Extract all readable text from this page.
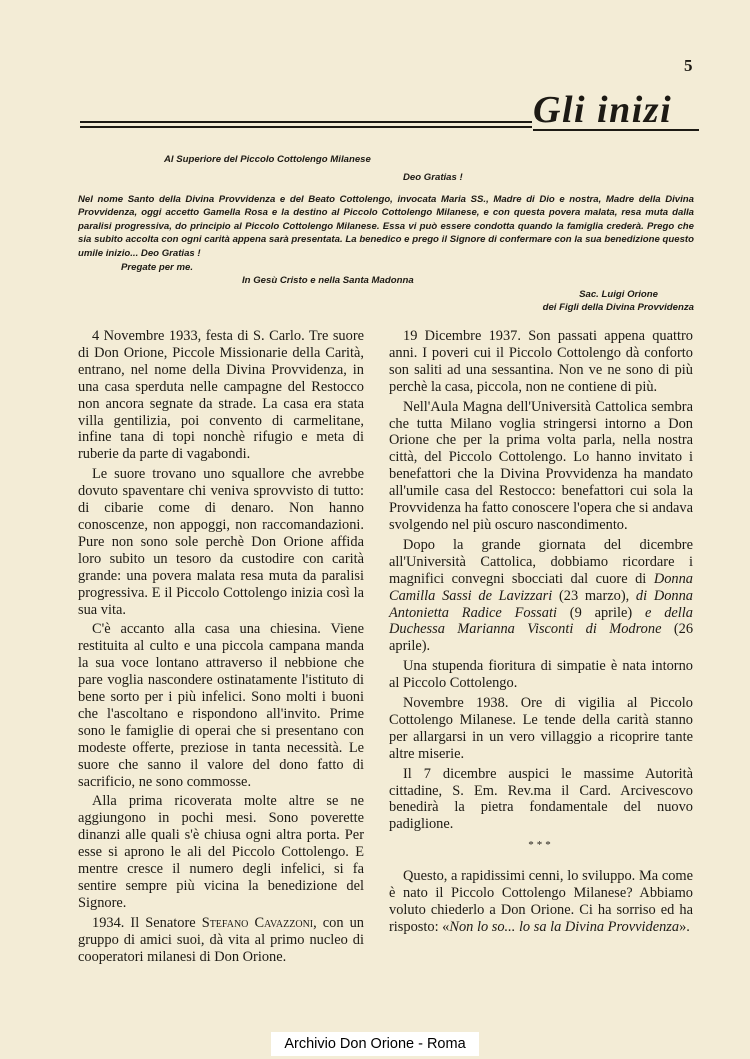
5
Gli inizi
Al Superiore del Piccolo Cottolengo Milanese
Deo Gratias !
Nel nome Santo della Divina Provvidenza e del Beato Cottolengo, invocata Maria SS., Madre di Dio e nostra, Madre della Divina Provvidenza, oggi accetto Gamella Rosa e la destino al Piccolo Cottolengo Milanese, e con questa povera malata, resa muta dalla paralisi progressiva, do principio al Piccolo Cottolengo Milanese. Essa vi può essere condotta quando la famiglia crederà. Prego che sia subito accolta con ogni carità appena sarà presentata. La benedico e prego il Signore di confermare con la sua benedizione questo umile inizio... Deo Gratias !
Pregate per me.
In Gesù Cristo e nella Santa Madonna
Sac. Luigi Orione
dei Figli della Divina Provvidenza

4 Novembre 1933, festa di S. Carlo. Tre suore di Don Orione, Piccole Missionarie della Carità, entrano, nel nome della Divina Provvidenza, in una casa sperduta nelle campagne del Restocco non ancora segnate da strade. La casa era stata villa gentilizia, poi convento di carmelitane, infine tana di topi nonchè rifugio e meta di ruberie da parte di vagabondi.

Le suore trovano uno squallore che avrebbe dovuto spaventare chi veniva sprovvisto di tutto: di cibarie come di denaro. Non hanno conoscenze, non appoggi, non raccomandazioni. Pure non sono sole perchè Don Orione affida loro subito un tesoro da custodire con carità grande: una povera malata resa muta da paralisi progressiva. E il Piccolo Cottolengo inizia così la sua vita.

C'è accanto alla casa una chiesina. Viene restituita al culto e una piccola campana manda la sua voce lontano attraverso il nebbione che pare voglia nascondere ostinatamente l'istituto di bene sorto per i più infelici. Sono molti i buoni che l'ascoltano e rispondono all'invito. Prime sono le famiglie di operai che si presentano con modeste offerte, preziose in tanta necessità. Le suore che sanno il valore del dono fatto di sacrificio, ne sono commosse.

Alla prima ricoverata molte altre se ne aggiungono in pochi mesi. Sono poverette dinanzi alle quali s'è chiusa ogni altra porta. Per esse si aprono le ali del Piccolo Cottolengo. E mentre cresce il numero degli infelici, si fa sentire sempre più vicina la benedizione del Signore.

1934. Il Senatore Stefano Cavazzoni, con un gruppo di amici suoi, dà vita al primo nucleo di cooperatori milanesi di Don Orione.

19 Dicembre 1937. Son passati appena quattro anni. I poveri cui il Piccolo Cottolengo dà conforto son saliti ad una sessantina. Non ve ne sono di più perchè la casa, piccola, non ne contiene di più.

Nell'Aula Magna dell'Università Cattolica sembra che tutta Milano voglia stringersi intorno a Don Orione che per la prima volta parla, nella nostra città, del Piccolo Cottolengo. Lo hanno invitato i benefattori che la Divina Provvidenza ha mandato all'umile casa del Restocco: benefattori cui sola la Provvidenza ha fatto conoscere l'opera che si andava svolgendo nel più oscuro nascondimento.

Dopo la grande giornata del dicembre all'Università Cattolica, dobbiamo ricordare i magnifici convegni sbocciati dal cuore di Donna Camilla Sassi de Lavizzari (23 marzo), di Donna Antonietta Radice Fossati (9 aprile) e della Duchessa Marianna Visconti di Modrone (26 aprile).

Una stupenda fioritura di simpatie è nata intorno al Piccolo Cottolengo.

Novembre 1938. Ore di vigilia al Piccolo Cottolengo Milanese. Le tende della carità stanno per allargarsi in un vero villaggio a ricoprire tante altre miserie.

Il 7 dicembre auspici le massime Autorità cittadine, S. Em. Rev.ma il Card. Arcivescovo benedirà la pietra fondamentale del nuovo padiglione.

***

Questo, a rapidissimi cenni, lo sviluppo. Ma come è nato il Piccolo Cottolengo Milanese? Abbiamo voluto chiederlo a Don Orione. Ci ha sorriso ed ha risposto: «Non lo so... lo sa la Divina Provvidenza».

Archivio Don Orione - Roma
